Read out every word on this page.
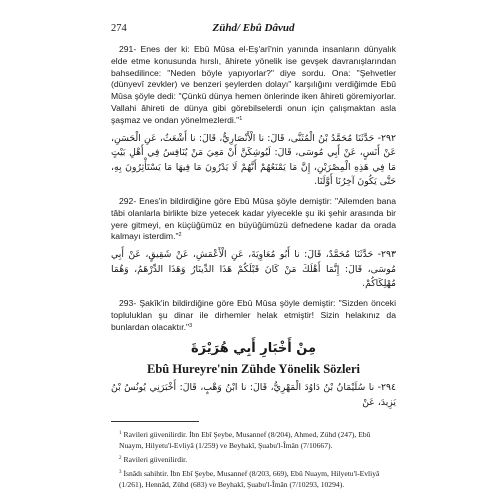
274	Zühd/ Ebû Dâvud

291- Enes der ki: Ebû Mûsa el-Eş'arî'nin yanında insanların dünyalık elde etme konusunda hırslı, âhirete yönelik ise gevşek davranışlarından bahsedilince: "Neden böyle yapıyorlar?" diye sordu. Ona: "Şehvetler (dünyevî zevkler) ve benzeri şeylerden dolayı" karşılığını verdiğimde Ebû Mûsa şöyle dedi: "Çünkü dünya hemen önlerinde iken âhireti göremiyorlar. Vallahi âhireti de dünya gibi görebilselerdi onun için çalışmaktan asla şaşmaz ve ondan yönelmezlerdi."$^1$

٢٩٢- حَدَّثَنَا مُحَمَّدُ بْنُ الْمُثَنَّى، قَالَ: نا الْأَنْصَارِيُّ، قَالَ: نا أَشْعَثُ، عَنِ الْحَسَنِ، عَنْ أَنَسٍ، عَنْ أَبِي مُوسَى، قَالَ: لَيُوشِكَنَّ أَنْ مَعِيَ مَنْ يُنَافِسُ فِي أَهْلِ بَيْتٍ مَا فِي هَذِهِ الْمِصْرَيْنِ، إِنَّ مَا يَمْنَعُهُمْ أَنَّهُمْ لَا يَدْرُونَ مَا فِيهَا مَا يَسْتَأْثِرُونَ بِهِ، حَتَّى يَكُونَ آخِرُنَا أَوَّلَنَا.

292- Enes'in bildirdiğine göre Ebû Mûsa şöyle demiştir: "Ailemden bana tâbi olanlarla birlikte bize yetecek kadar yiyecekle şu iki şehir arasında bir yere gitmeyi, en küçüğümüz en büyüğümüzü defnedene kadar da orada kalmayı isterdim."$^2$

٢٩٣- حَدَّثَنَا مُحَمَّدٌ، قَالَ: نا أَبُو مُعَاوِيَةَ، عَنِ الْأَعْمَشِ، عَنْ شَقِيقٍ، عَنْ أَبِي مُوسَى، قَالَ: إِنَّمَا أَهْلَكَ مَنْ كَانَ قَبْلَكُمْ هَذَا الدِّينَارُ وَهَذَا الدِّرْهَمُ، وَهُمَا مُهْلِكَاكُمْ.

293- Şakîk'in bildirdiğine göre Ebû Mûsa şöyle demiştir: "Sizden önceki topluluklan şu dinar ile dirhemler helak etmiştir! Sizin helakınız da bunlardan olacaktır."$^3$

مِنْ أَخْبَارِ أَبِي هُرَيْرَةَ
Ebû Hureyre'nin Zühde Yönelik Sözleri

٢٩٤- نا سُلَيْمَانُ بْنُ دَاوُدَ الْمَهْرِيُّ، قَالَ: نا ابْنُ وَهْبٍ، قَالَ: أَخْبَرَنِي يُونُسُ بْنُ يَزِيدَ، عَنْ

$^1$ Ravileri güvenilirdir. İbn Ebî Şeybe, Musannef (8/204), Ahmed, Zühd (247), Ebû Nuaym, Hilyetu'l-Evliyâ (1/259) ve Beyhakî, Şuabu'l-Îmân (7/10667).

$^2$ Ravileri güvenilirdir.

$^3$ İsnâdı sahihtir. İbn Ebî Şeybe, Musannef (8/203, 669), Ebû Nuaym, Hilyetu'l-Evliyâ (1/261), Hennâd, Zühd (683) ve Beyhakî, Şuabu'l-Îmân (7/10293, 10294).
